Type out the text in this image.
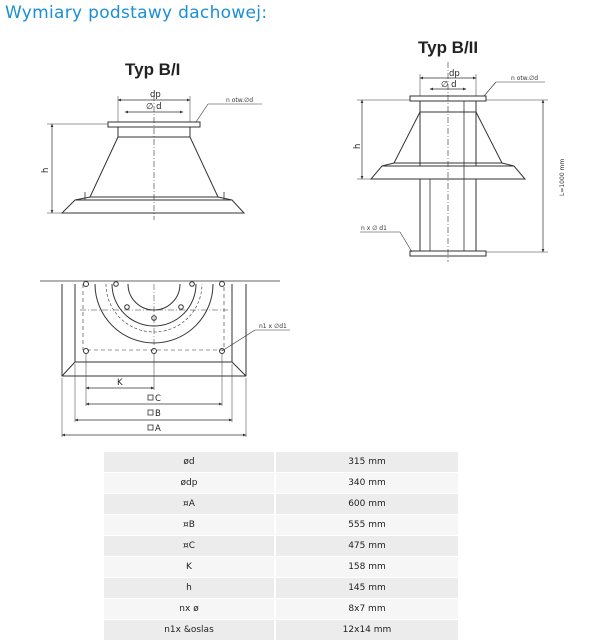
Wymiary podstawy dachowej:
Typ B/I
dp
∅ d
n otw.∅d
h
n1 x ∅d1
K
C
B
A
Typ B/II
dp
∅ d
n otw.∅d
h
L=1000 mm
n x ∅ d1
ød	315 mm
ødp	340 mm
¤A	600 mm
¤B	555 mm
¤C	475 mm
K	158 mm
h	145 mm
nx ø	8x7 mm
n1x &oslas	12x14 mm
